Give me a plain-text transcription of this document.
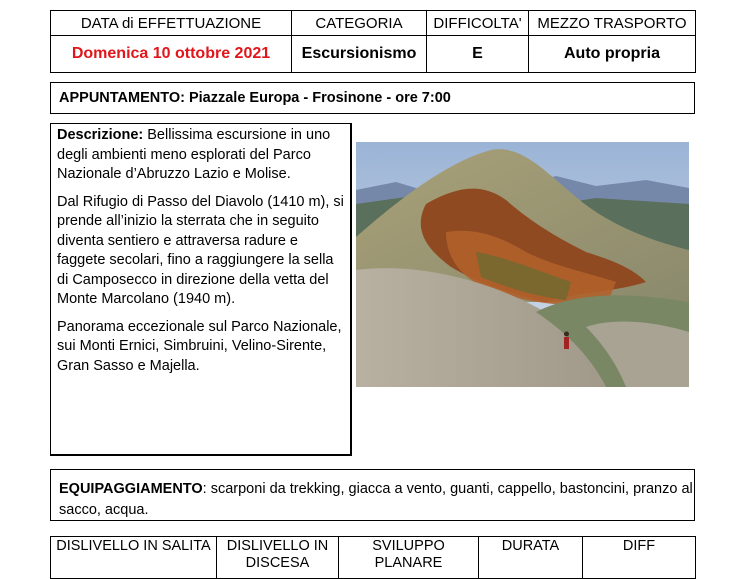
DATA di EFFETTUAZIONE	CATEGORIA	DIFFICOLTA'	MEZZO TRASPORTO
Domenica 10 ottobre 2021	Escursionismo	E	Auto propria
APPUNTAMENTO: Piazzale Europa - Frosinone - ore 7:00

Descrizione: Bellissima escursione in uno degli ambienti meno esplorati del Parco Nazionale d’Abruzzo Lazio e Molise.

Dal Rifugio di Passo del Diavolo (1410 m), si prende all’inizio la sterrata che in seguito diventa sentiero e attraversa radure e faggete secolari, fino a raggiungere la sella di Camposecco in direzione della vetta del Monte Marcolano (1940 m).

Panorama eccezionale sul Parco Nazionale, sui Monti Ernici, Simbruini, Velino-Sirente, Gran Sasso e Majella.

EQUIPAGGIAMENTO: scarponi da trekking, giacca a vento, guanti, cappello, bastoncini, pranzo al sacco, acqua.
DISLIVELLO IN SALITA	DISLIVELLO IN DISCESA	SVILUPPO PLANARE	DURATA	DIFF
